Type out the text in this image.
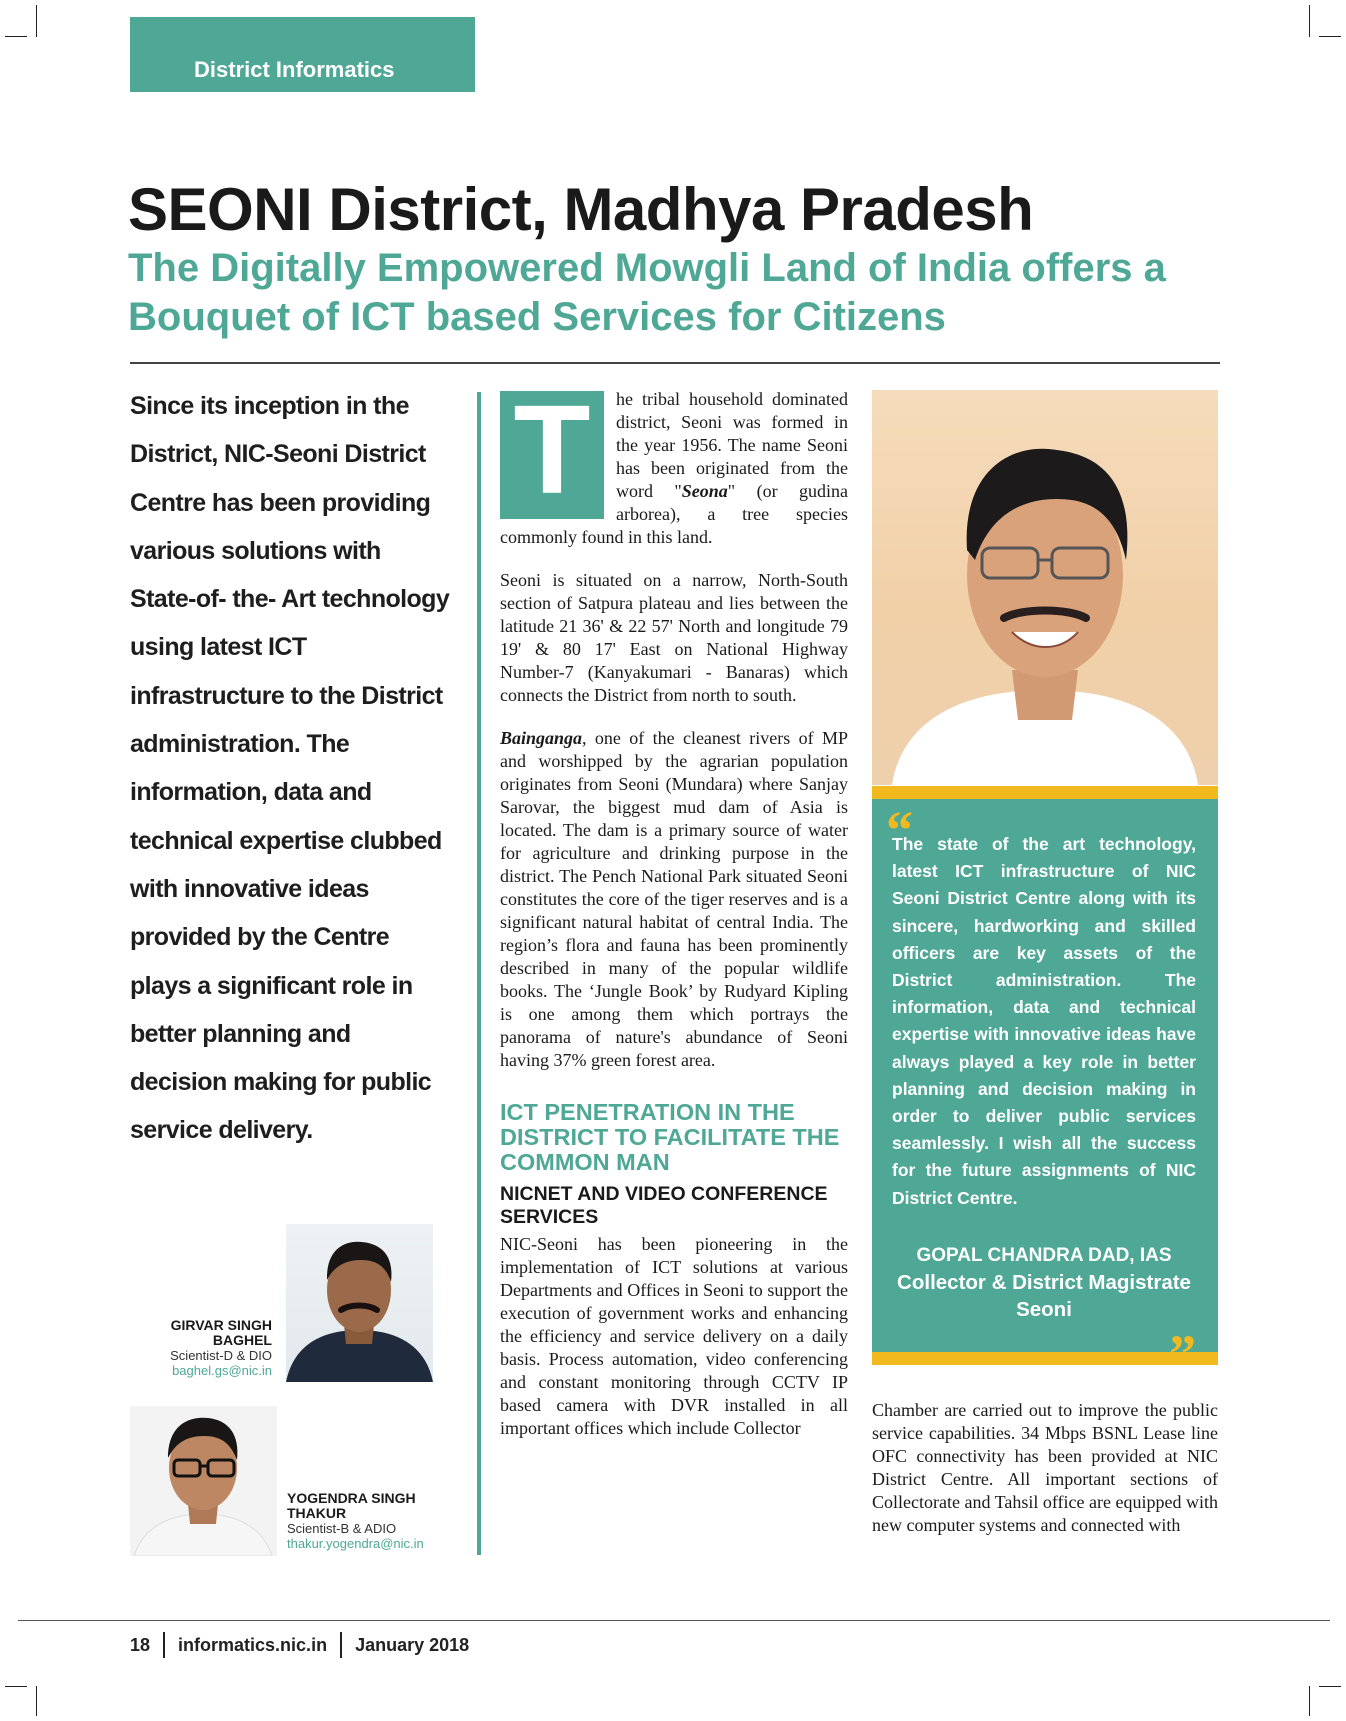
District Informatics
SEONI District, Madhya Pradesh
The Digitally Empowered Mowgli Land of India offers a Bouquet of ICT based Services for Citizens

Since its inception in the District, NIC-Seoni District Centre has been providing various solutions with State-of- the- Art technology using latest ICT infrastructure to the District administration. The information, data and technical expertise clubbed with innovative ideas provided by the Centre plays a significant role in better planning and decision making for public service delivery.

T	he tribal household dominated district, Seoni was formed in the year 1956. The name Seoni has been originated from the word "Seona" (or gudina arborea), a tree species commonly found in this land.

Seoni is situated on a narrow, North-South section of Satpura plateau and lies between the latitude 21 36' & 22 57' North and longitude 79 19' & 80 17' East on National Highway Number-7 (Kanyakumari - Banaras) which connects the District from north to south.

Bainganga, one of the cleanest rivers of MP and worshipped by the agrarian population originates from Seoni (Mundara) where Sanjay Sarovar, the biggest mud dam of Asia is located. The dam is a primary source of water for agriculture and drinking purpose in the district. The Pench National Park situated Seoni constitutes the core of the tiger reserves and is a significant natural habitat of central India. The region’s flora and fauna has been prominently described in many of the popular wildlife books. The ‘Jungle Book’ by Rudyard Kipling is one among them which portrays the panorama of nature's abundance of Seoni having 37% green forest area.

ICT PENETRATION IN THE DISTRICT TO FACILITATE THE COMMON MAN
NICNET AND VIDEO CONFERENCE SERVICES

NIC-Seoni has been pioneering in the implementation of ICT solutions at various Departments and Offices in Seoni to support the execution of government works and enhancing the efficiency and service delivery on a daily basis. Process automation, video conferencing and constant monitoring through CCTV IP based camera with DVR installed in all important offices which include Collector

“

The state of the art technology, latest ICT infrastructure of NIC Seoni District Centre along with its sincere, hardworking and skilled officers are key assets of the District administration. The information, data and technical expertise with innovative ideas have always played a key role in better planning and decision making in order to deliver public services seamlessly. I wish all the success for the future assignments of NIC District Centre.

GOPAL CHANDRA DAD, IAS
Collector & District Magistrate
Seoni

Chamber are carried out to improve the public service capabilities. 34 Mbps BSNL Lease line OFC connectivity has been provided at NIC District Centre. All important sections of Collectorate and Tahsil office are equipped with new computer systems and connected with

GIRVAR SINGH BAGHEL
Scientist-D & DIO
baghel.gs@nic.in
YOGENDRA SINGH THAKUR
Scientist-B & ADIO
thakur.yogendra@nic.in
18 informatics.nic.in January 2018
